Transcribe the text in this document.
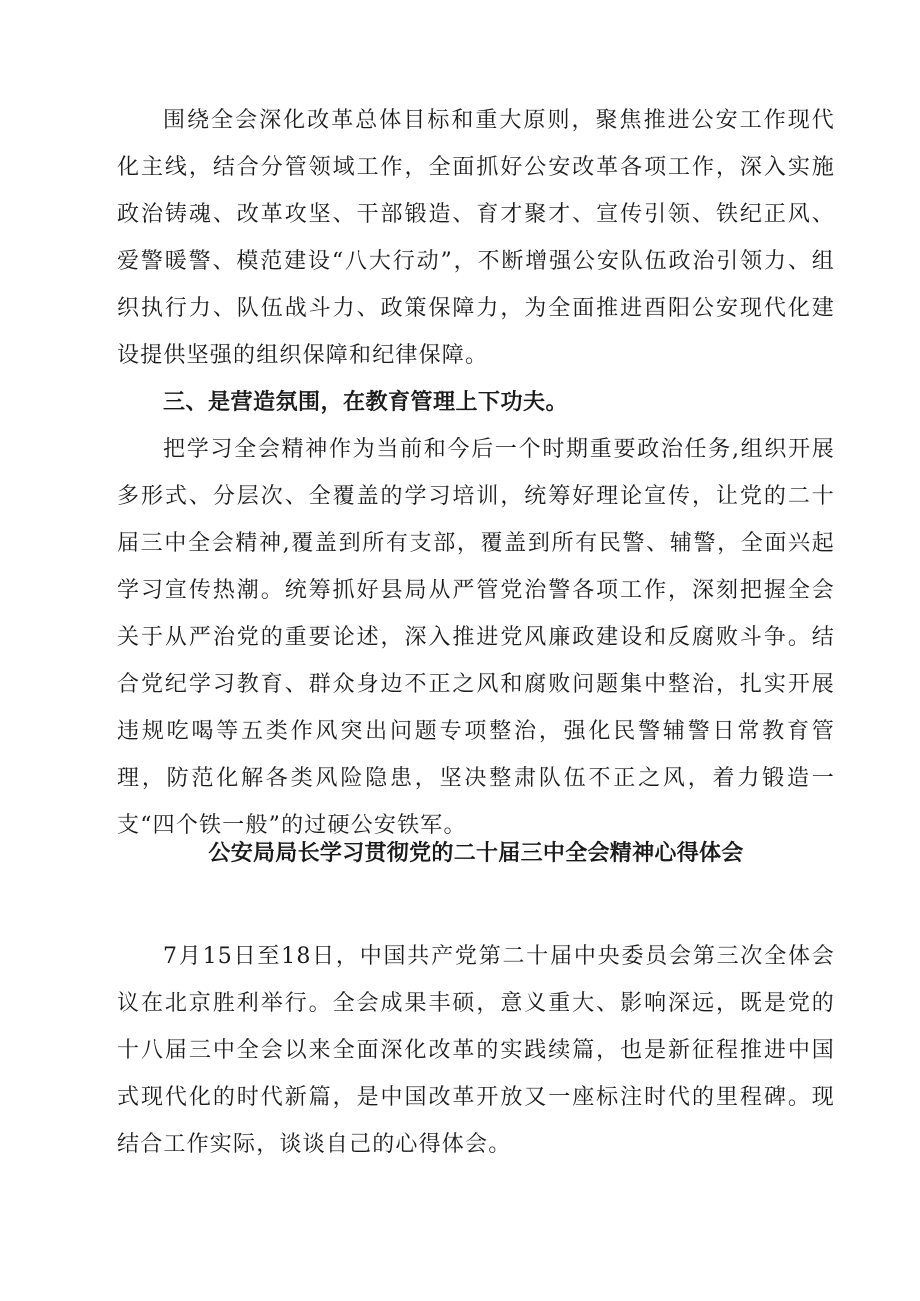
围绕全会深化改革总体目标和重大原则，聚焦推进公安工作现代化主线，结合分管领域工作，全面抓好公安改革各项工作，深入实施政治铸魂、改革攻坚、干部锻造、育才聚才、宣传引领、铁纪正风、爱警暖警、模范建设“八大行动”，不断增强公安队伍政治引领力、组织执行力、队伍战斗力、政策保障力，为全面推进酉阳公安现代化建设提供坚强的组织保障和纪律保障。

三、是营造氛围，在教育管理上下功夫。

把学习全会精神作为当前和今后一个时期重要政治任务,组织开展多形式、分层次、全覆盖的学习培训，统筹好理论宣传，让党的二十届三中全会精神,覆盖到所有支部，覆盖到所有民警、辅警，全面兴起学习宣传热潮。统筹抓好县局从严管党治警各项工作，深刻把握全会关于从严治党的重要论述，深入推进党风廉政建设和反腐败斗争。结合党纪学习教育、群众身边不正之风和腐败问题集中整治，扎实开展违规吃喝等五类作风突出问题专项整治，强化民警辅警日常教育管理，防范化解各类风险隐患，坚决整肃队伍不正之风，着力锻造一支“四个铁一般”的过硬公安铁军。

公安局局长学习贯彻党的二十届三中全会精神心得体会

7月15日至18日，中国共产党第二十届中央委员会第三次全体会议在北京胜利举行。全会成果丰硕，意义重大、影响深远，既是党的十八届三中全会以来全面深化改革的实践续篇，也是新征程推进中国式现代化的时代新篇，是中国改革开放又一座标注时代的里程碑。现结合工作实际，谈谈自己的心得体会。
